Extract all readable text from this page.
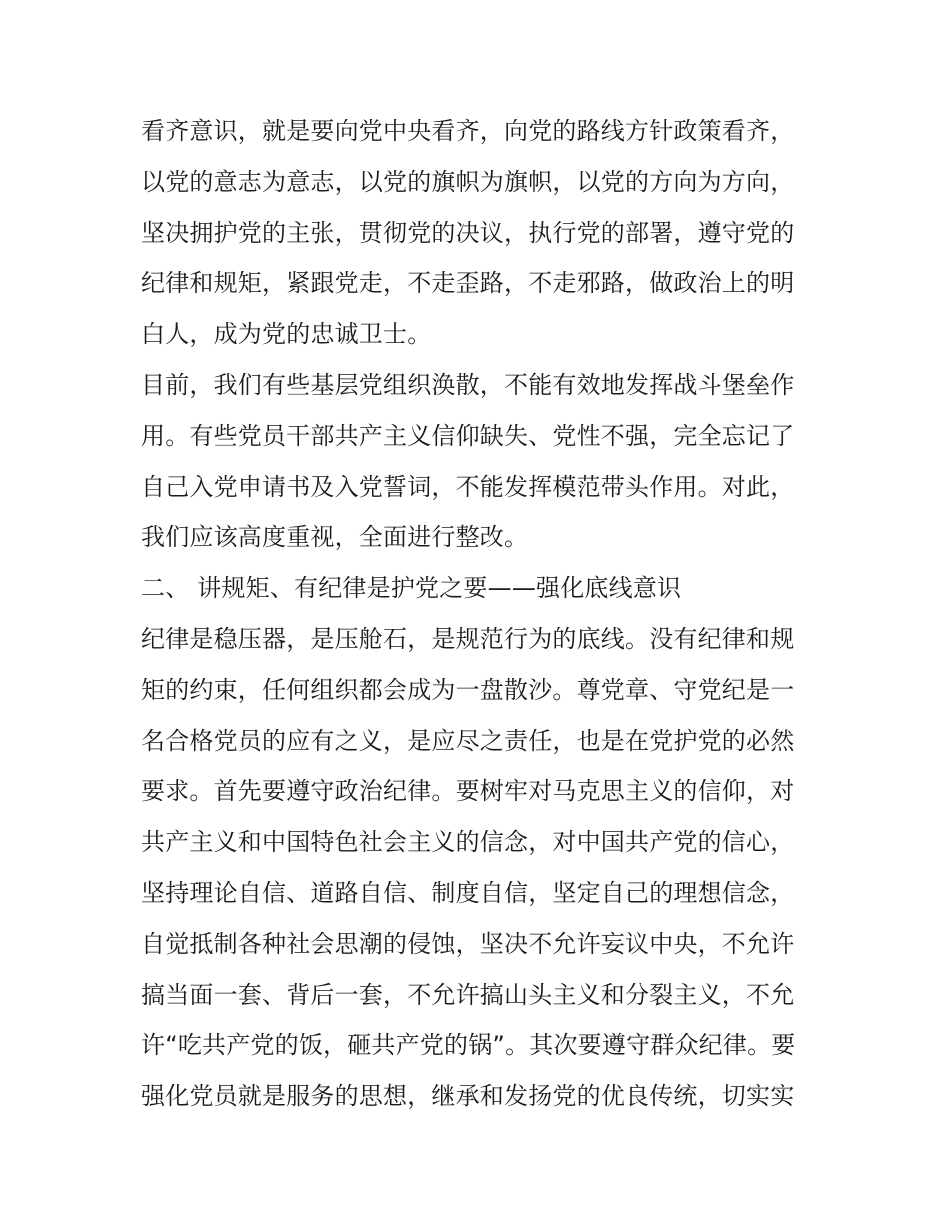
看齐意识，就是要向党中央看齐，向党的路线方针政策看齐，
以党的意志为意志，以党的旗帜为旗帜，以党的方向为方向，
坚决拥护党的主张，贯彻党的决议，执行党的部署，遵守党的
纪律和规矩，紧跟党走，不走歪路，不走邪路，做政治上的明
白人，成为党的忠诚卫士。
目前，我们有些基层党组织涣散，不能有效地发挥战斗堡垒作
用。有些党员干部共产主义信仰缺失、党性不强，完全忘记了
自己入党申请书及入党誓词，不能发挥模范带头作用。对此，
我们应该高度重视，全面进行整改。
二、 讲规矩、有纪律是护党之要——强化底线意识
纪律是稳压器，是压舱石，是规范行为的底线。没有纪律和规
矩的约束，任何组织都会成为一盘散沙。尊党章、守党纪是一
名合格党员的应有之义，是应尽之责任，也是在党护党的必然
要求。首先要遵守政治纪律。要树牢对马克思主义的信仰，对
共产主义和中国特色社会主义的信念，对中国共产党的信心，
坚持理论自信、道路自信、制度自信，坚定自己的理想信念，
自觉抵制各种社会思潮的侵蚀，坚决不允许妄议中央，不允许
搞当面一套、背后一套，不允许搞山头主义和分裂主义，不允
许“吃共产党的饭，砸共产党的锅”。其次要遵守群众纪律。要
强化党员就是服务的思想，继承和发扬党的优良传统，切实实
